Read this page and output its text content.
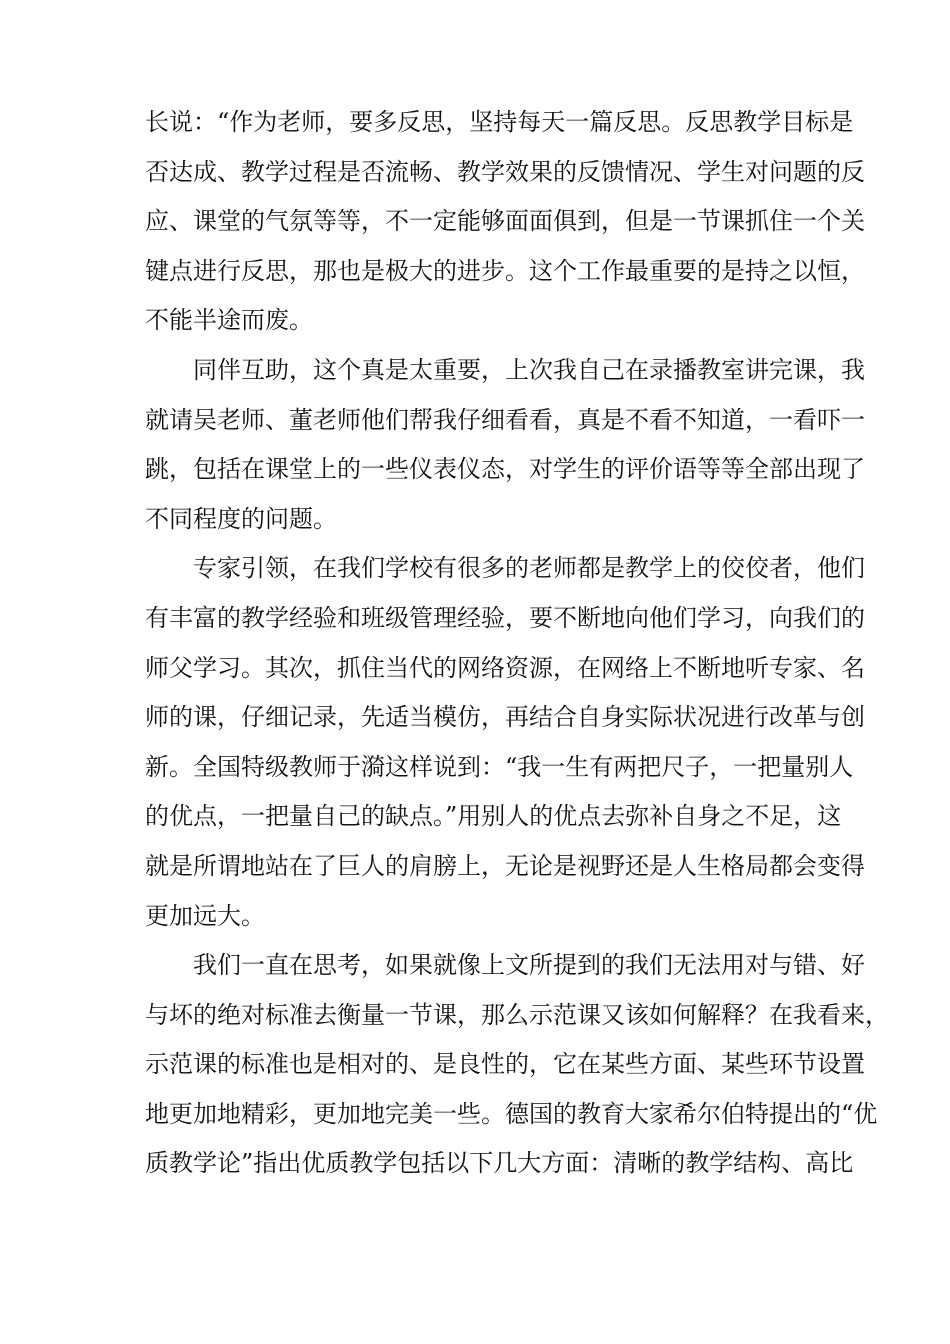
长说：“作为老师，要多反思，坚持每天一篇反思。反思教学目标是
否达成、教学过程是否流畅、教学效果的反馈情况、学生对问题的反
应、课堂的气氛等等，不一定能够面面俱到，但是一节课抓住一个关
键点进行反思，那也是极大的进步。这个工作最重要的是持之以恒，
不能半途而废。
同伴互助，这个真是太重要，上次我自己在录播教室讲完课，我
就请吴老师、董老师他们帮我仔细看看，真是不看不知道，一看吓一
跳，包括在课堂上的一些仪表仪态，对学生的评价语等等全部出现了
不同程度的问题。
专家引领，在我们学校有很多的老师都是教学上的佼佼者，他们
有丰富的教学经验和班级管理经验，要不断地向他们学习，向我们的
师父学习。其次，抓住当代的网络资源，在网络上不断地听专家、名
师的课，仔细记录，先适当模仿，再结合自身实际状况进行改革与创
新。全国特级教师于漪这样说到：“我一生有两把尺子，一把量别人
的优点，一把量自己的缺点。”用别人的优点去弥补自身之不足，这
就是所谓地站在了巨人的肩膀上，无论是视野还是人生格局都会变得
更加远大。
我们一直在思考，如果就像上文所提到的我们无法用对与错、好
与坏的绝对标准去衡量一节课，那么示范课又该如何解释？在我看来，
示范课的标准也是相对的、是良性的，它在某些方面、某些环节设置
地更加地精彩，更加地完美一些。德国的教育大家希尔伯特提出的“优
质教学论”指出优质教学包括以下几大方面：清晰的教学结构、高比
